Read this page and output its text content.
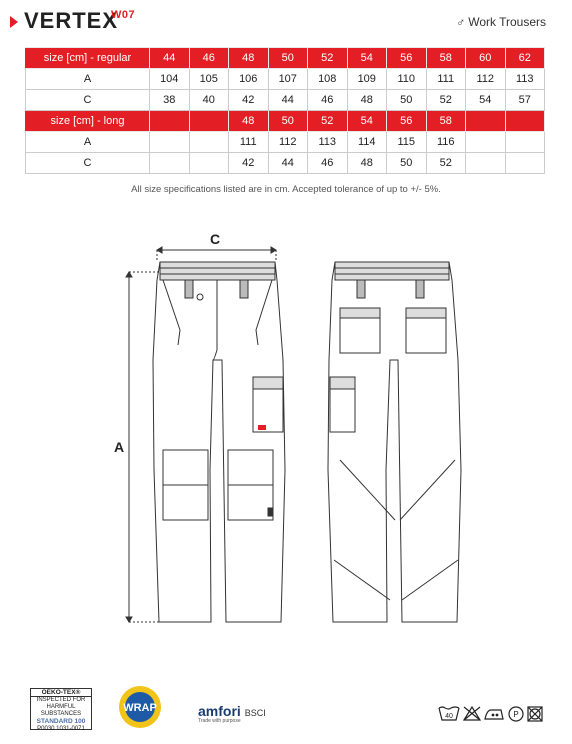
VERTEX
W07	♂ Work Trousers
size [cm] - regular	44	46	48	50	52	54	56	58	60	62
A	104	105	106	107	108	109	110	111	112	113
C	38	40	42	44	46	48	50	52	54	57
size [cm] - long			48	50	52	54	56	58		
A			111	112	113	114	115	116		
C			42	44	46	48	50	52		
All size specifications listed are in cm. Accepted tolerance of up to +/- 5%.
C
A
OEKO-TEX®
INSPECTED FOR HARMFUL SUBSTANCES
STANDARD 100
P0030 1031-0071
WRAP	amfori BSCI
Trade with purpose
40	P
